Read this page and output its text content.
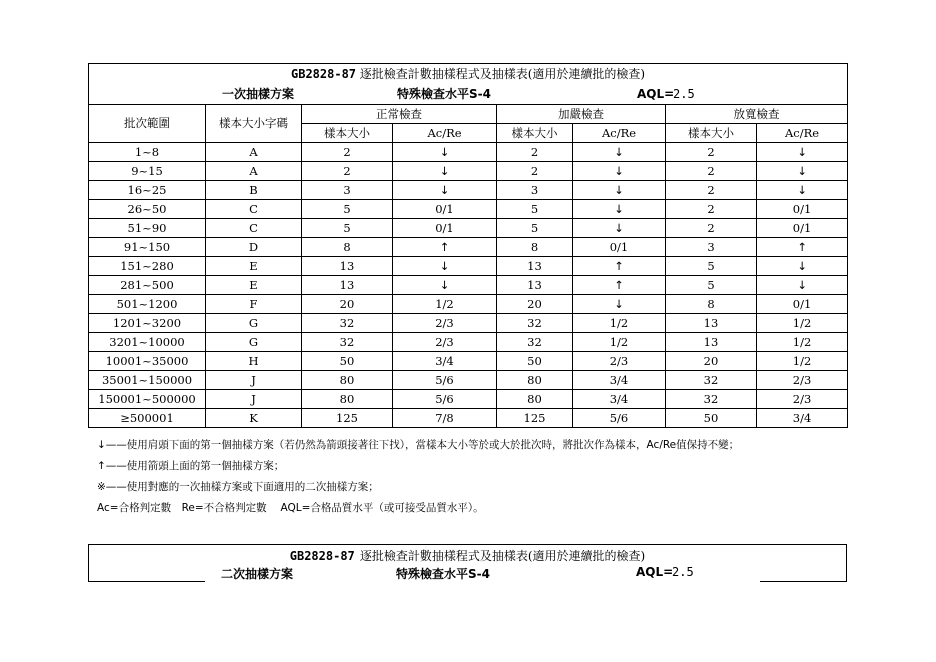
GB2828-87 逐批檢查計數抽樣程式及抽樣表(適用於連續批的檢查)							

一次抽樣方案 特殊檢查水平S-4 AQL=
2.5							

批次範圍	樣本大小字碼	正常檢查		加嚴檢查		放寬檢查	
		樣本大小	Ac/Re	樣本大小	Ac/Re	樣本大小	Ac/Re
1~8	A	2	↓	2	↓	2	↓
9~15	A	2	↓	2	↓	2	↓
16~25	B	3	↓	3	↓	2	↓
26~50	C	5	0/1	5	↓	2	0/1
51~90	C	5	0/1	5	↓	2	0/1
91~150	D	8	↑	8	0/1	3	↑
151~280	E	13	↓	13	↑	5	↓
281~500	E	13	↓	13	↑	5	↓
501~1200	F	20	1/2	20	↓	8	0/1
1201~3200	G	32	2/3	32	1/2	13	1/2
3201~10000	G	32	2/3	32	1/2	13	1/2
10001~35000	H	50	3/4	50	2/3	20	1/2
35001~150000	J	80	5/6	80	3/4	32	2/3
150001~500000	J	80	5/6	80	3/4	32	2/3
≥500001	K	125	7/8	125	5/6	50	3/4
↓——使用肩頭下面的第一個抽樣方案（若仍然為箭頭接著往下找），當樣本大小等於或大於批次時，將批次作為樣本，Ac/Re值保持不變；
↑——使用箭頭上面的第一個抽樣方案；
※——使用對應的一次抽樣方案或下面適用的二次抽樣方案；
Ac=合格判定數　Re=不合格判定數　 AQL=合格品質水平（或可接受品質水平）。
GB2828-87 逐批檢查計數抽樣程式及抽樣表(適用於連續批的檢查)
二次抽樣方案	特殊檢查水平S-4	AQL=
2.5
